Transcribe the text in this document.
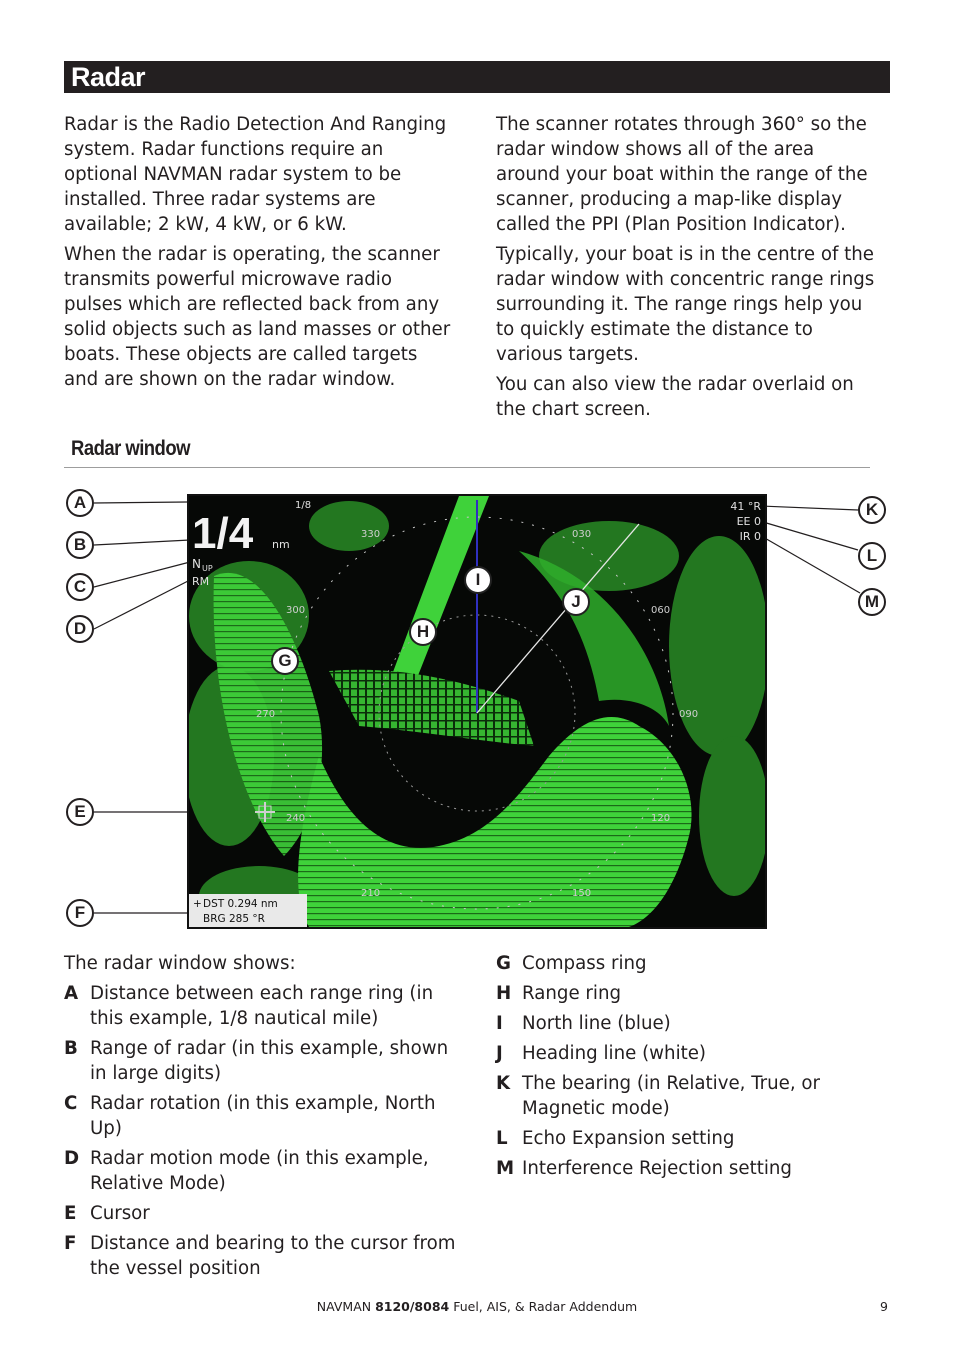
Radar

Radar is the Radio Detection And Ranging system. Radar functions require an optional NAVMAN radar system to be installed. Three radar systems are available; 2 kW, 4 kW, or 6 kW.

When the radar is operating, the scanner transmits powerful microwave radio pulses which are reflected back from any solid objects such as land masses or other boats. These objects are called targets and are shown on the radar window.

The scanner rotates through 360° so the radar window shows all of the area around your boat within the range of the scanner, producing a map-like display called the PPI (Plan Position Indicator).

Typically, your boat is in the centre of the radar window with concentric range rings surrounding it. The range rings help you to quickly estimate the distance to various targets.

You can also view the radar overlaid on the chart screen.

Radar window
330	030
300	060
270	090
240	120
210	150
1/8
1/4 nm
N UP
RM
41 °R
EE 0
IR 0
+ DST 0.294 nm
BRG 285 °R
G
H
I
J
A
B
C
D
E
F
K
L
M
The radar window shows:
A Distance between each range ring (in this example, 1/8 nautical mile)
B Range of radar (in this example, shown in large digits)
C Radar rotation (in this example, North Up)
D Radar motion mode (in this example, Relative Mode)
E Cursor
F Distance and bearing to the cursor from the vessel position
G Compass ring
H Range ring
I North line (blue)
J Heading line (white)
K The bearing (in Relative, True, or Magnetic mode)
L Echo Expansion setting
M Interference Rejection setting
NAVMAN 8120/8084 Fuel, AIS, & Radar Addendum	9
